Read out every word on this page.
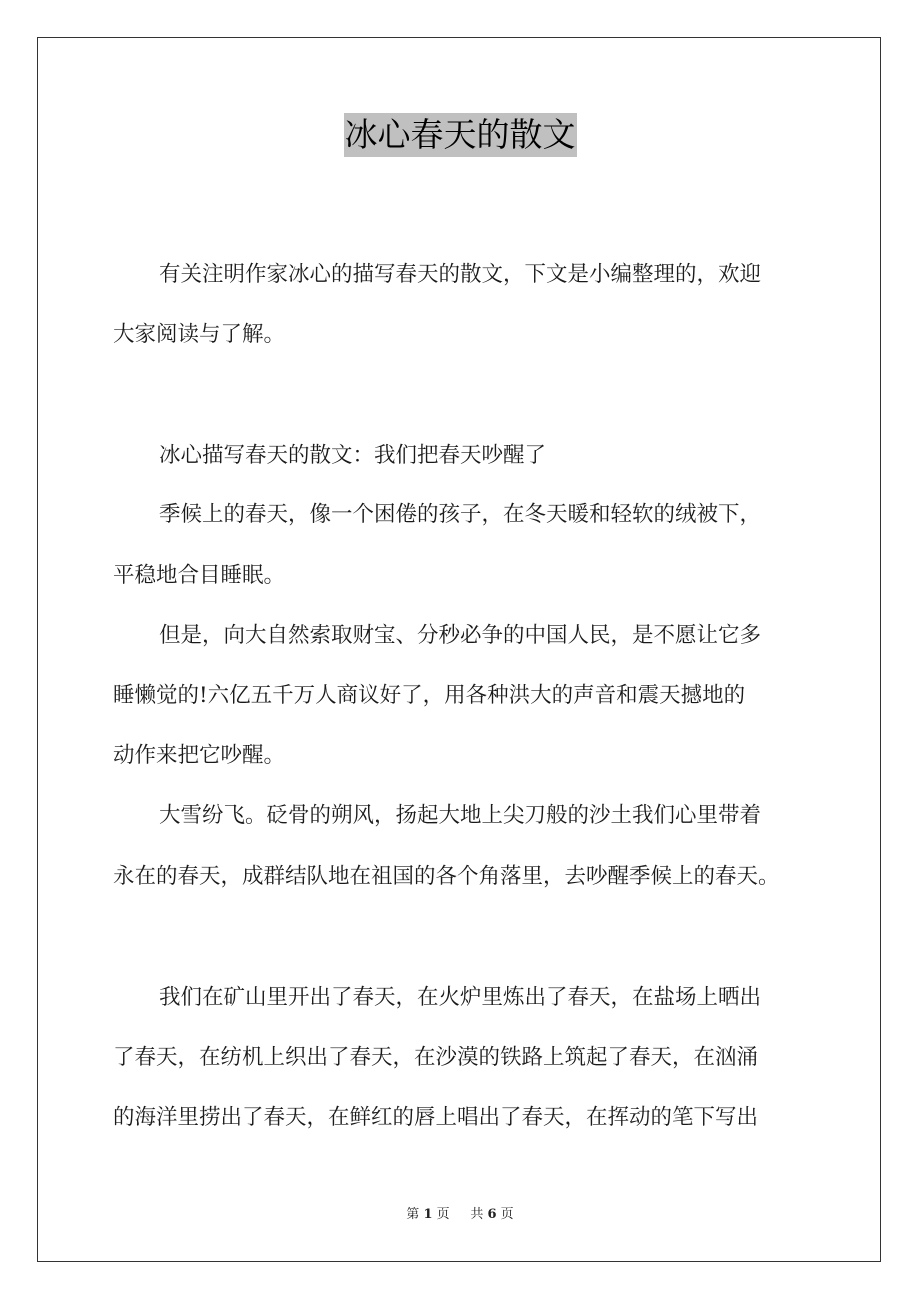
冰心春天的散文
有关注明作家冰心的描写春天的散文，下文是小编整理的，欢迎
大家阅读与了解。
冰心描写春天的散文：我们把春天吵醒了
季候上的春天，像一个困倦的孩子，在冬天暖和轻软的绒被下，
平稳地合目睡眠。
但是，向大自然索取财宝、分秒必争的中国人民，是不愿让它多
睡懒觉的!六亿五千万人商议好了，用各种洪大的声音和震天撼地的
动作来把它吵醒。
大雪纷飞。砭骨的朔风，扬起大地上尖刀般的沙土我们心里带着
永在的春天，成群结队地在祖国的各个角落里，去吵醒季候上的春天。
我们在矿山里开出了春天，在火炉里炼出了春天，在盐场上晒出
了春天，在纺机上织出了春天，在沙漠的铁路上筑起了春天，在汹涌
的海洋里捞出了春天，在鲜红的唇上唱出了春天，在挥动的笔下写出
第 1 页 共 6 页
